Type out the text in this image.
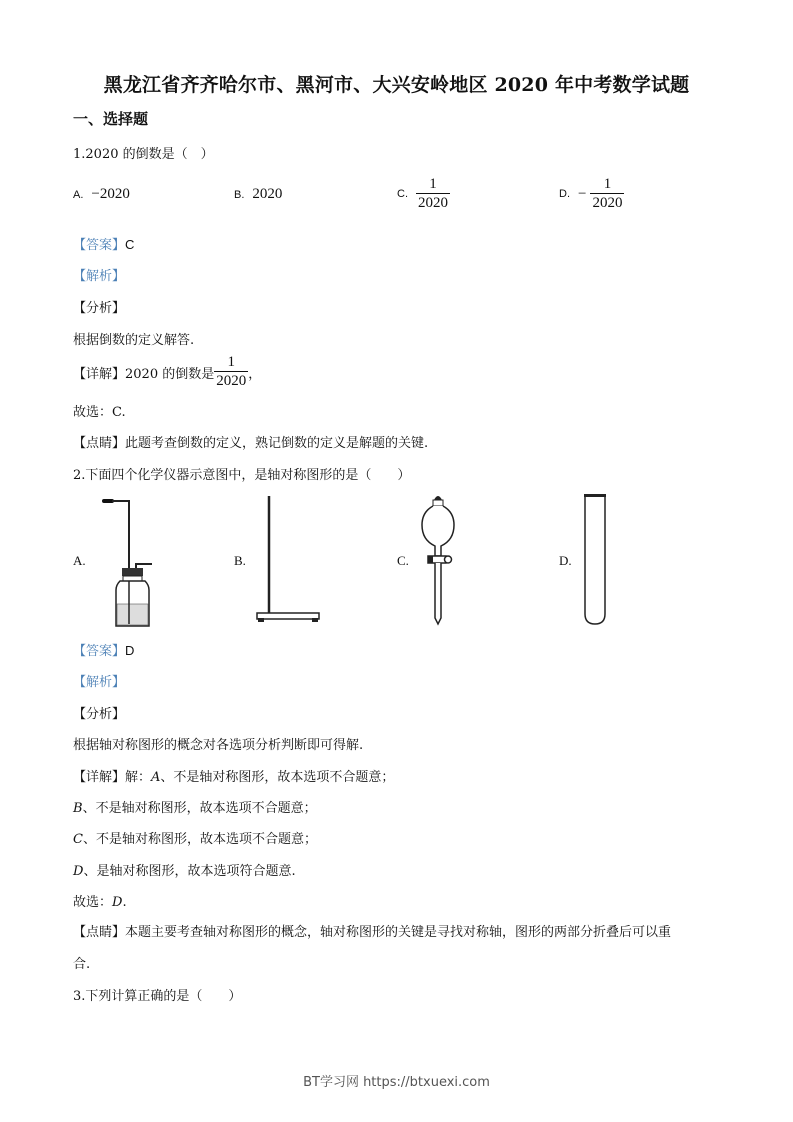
黑龙江省齐齐哈尔市、黑河市、大兴安岭地区 2020 年中考数学试题
一、选择题
1.2020 的倒数是（　）
A. −2020	B. 2020	C. $\frac{1}{2020}$	D. − $\frac{1}{2020}$
【答案】C
【解析】
【分析】
根据倒数的定义解答.
【详解】 2020 的倒数是 $\frac{1}{2020}$ ，
故选：C.
【点睛】此题考查倒数的定义，熟记倒数的定义是解题的关键.
2.下面四个化学仪器示意图中，是轴对称图形的是（　　）
A.	B.	C.	D.
【答案】D
【解析】
【分析】
根据轴对称图形的概念对各选项分析判断即可得解.
【详解】解：A、不是轴对称图形，故本选项不合题意；
B、不是轴对称图形，故本选项不合题意；
C、不是轴对称图形，故本选项不合题意；
D、是轴对称图形，故本选项符合题意.
故选：D.
【点睛】本题主要考查轴对称图形的概念，轴对称图形的关键是寻找对称轴，图形的两部分折叠后可以重
合.
3.下列计算正确的是（　　）
BT学习网 https://btxuexi.com
